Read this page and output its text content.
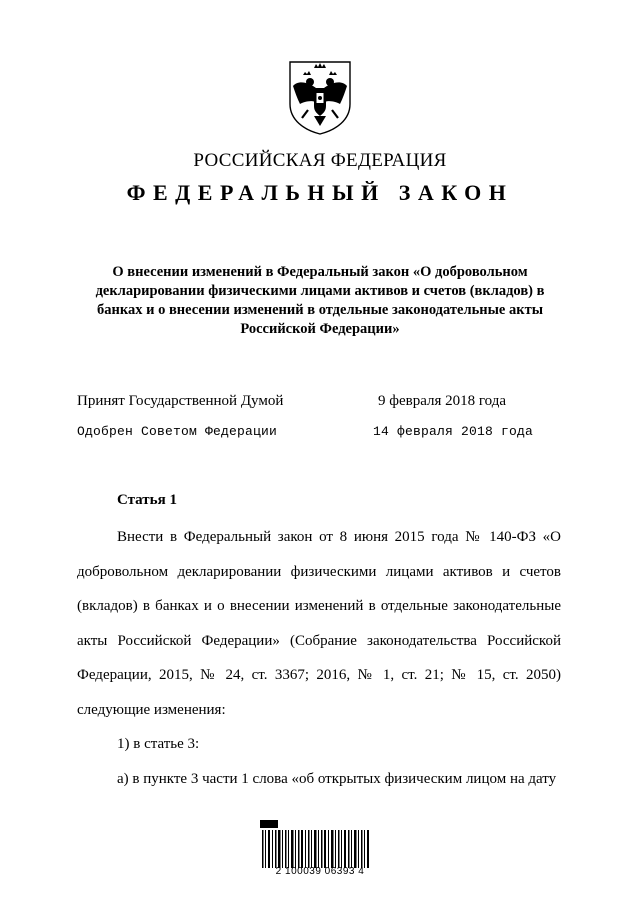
РОССИЙСКАЯ ФЕДЕРАЦИЯ
ФЕДЕРАЛЬНЫЙ ЗАКОН
О внесении изменений в Федеральный закон «О добровольном
декларировании физическими лицами активов и счетов (вкладов) в
банках и о внесении изменений в отдельные законодательные акты
Российской Федерации»
Принят Государственной Думой	9 февраля 2018 года
Одобрен Советом Федерации	14 февраля 2018 года
Статья 1

Внести в Федеральный закон от 8 июня 2015 года № 140-ФЗ «О добровольном декларировании физическими лицами активов и счетов (вкладов) в банках и о внесении изменений в отдельные законодательные акты Российской Федерации» (Собрание законодательства Российской Федерации, 2015, № 24, ст. 3367; 2016, № 1, ст. 21; № 15, ст. 2050) следующие изменения:

1) в статье 3:

а) в пункте 3 части 1 слова «об открытых физическим лицом на дату

2 100039 06393 4
